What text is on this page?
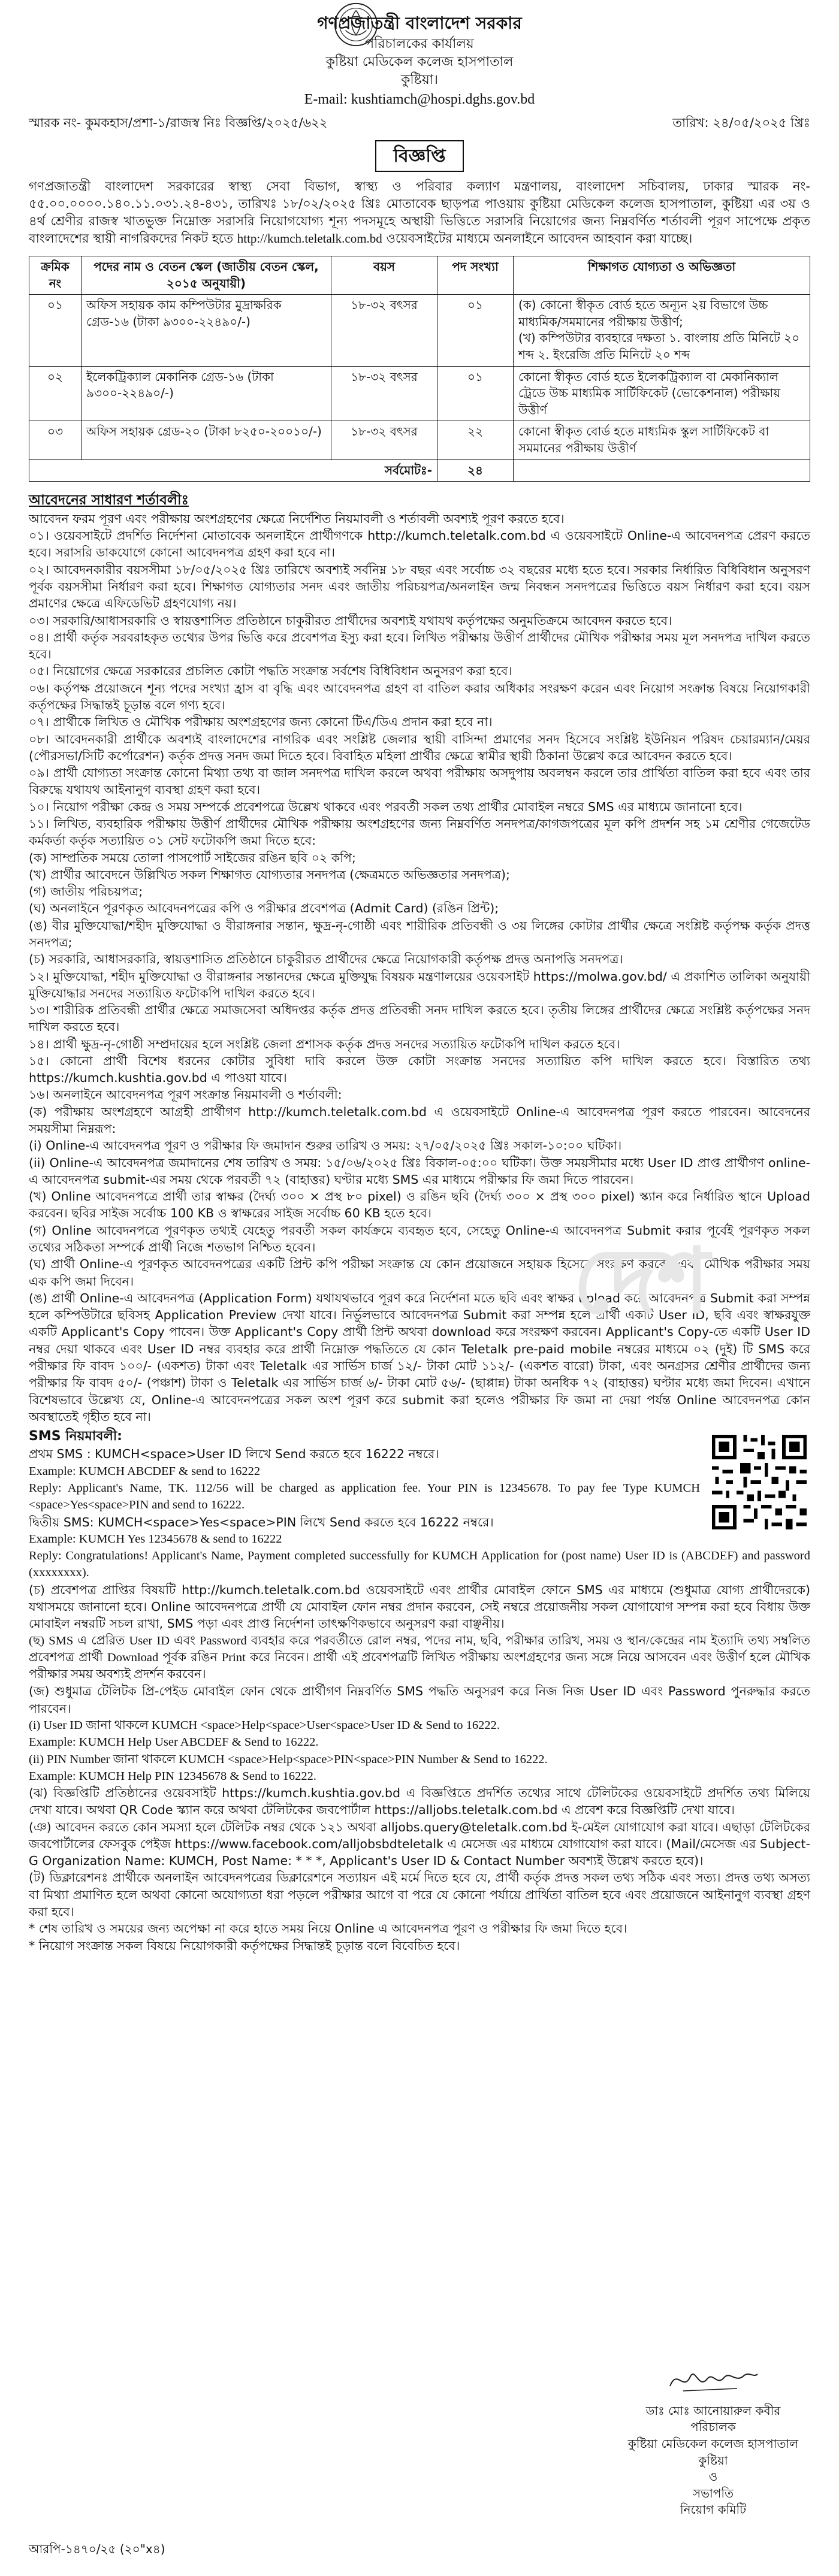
গণপ্রজাতন্ত্রী বাংলাদেশ সরকার
পরিচালকের কার্যালয়
কুষ্টিয়া মেডিকেল কলেজ হাসপাতাল
কুষ্টিয়া।
E-mail: kushtiamch@hospi.dghs.gov.bd
স্মারক নং- কুমকহাস/প্রশা-১/রাজস্ব নিঃ বিজ্ঞপ্তি/২০২৫/৬২২	তারিখ: ২৪/০৫/২০২৫ খ্রিঃ
বিজ্ঞপ্তি

গণপ্রজাতন্ত্রী বাংলাদেশ সরকারের স্বাস্থ্য সেবা বিভাগ, স্বাস্থ্য ও পরিবার কল্যাণ মন্ত্রণালয়, বাংলাদেশ সচিবালয়, ঢাকার স্মারক নং- ৫৫.০০.০০০০.১৪০.১১.০৩১.২৪-৪৩১, তারিখঃ ১৮/০২/২০২৫ খ্রিঃ মোতাবেক ছাড়পত্র পাওয়ায় কুষ্টিয়া মেডিকেল কলেজ হাসপাতাল, কুষ্টিয়া এর ৩য় ও ৪র্থ শ্রেণীর রাজস্ব খাতভুক্ত নিম্নোক্ত সরাসরি নিয়োগযোগ্য শূন্য পদসমূহে অস্থায়ী ভিত্তিতে সরাসরি নিয়োগের জন্য নিম্নবর্ণিত শর্তাবলী পূরণ সাপেক্ষে প্রকৃত বাংলাদেশের স্থায়ী নাগরিকদের নিকট হতে http://kumch.teletalk.com.bd ওয়েবসাইটের মাধ্যমে অনলাইনে আবেদন আহবান করা যাচ্ছে।

ক্রমিক নং	পদের নাম ও বেতন স্কেল (জাতীয় বেতন স্কেল, ২০১৫ অনুযায়ী)	বয়স	পদ সংখ্যা	শিক্ষাগত যোগ্যতা ও অভিজ্ঞতা
০১	অফিস সহায়ক কাম কম্পিউটার মুদ্রাক্ষরিক গ্রেড-১৬ (টাকা ৯৩০০-২২৪৯০/-)	১৮-৩২ বৎসর	০১	(ক) কোনো স্বীকৃত বোর্ড হতে অন্যূন ২য় বিভাগে উচ্চ মাধ্যমিক/সমমানের পরীক্ষায় উত্তীর্ণ;
(খ) কম্পিউটার ব্যবহারে দক্ষতা ১. বাংলায় প্রতি মিনিটে ২০ শব্দ ২. ইংরেজি প্রতি মিনিটে ২০ শব্দ
০২	ইলেকট্রিক্যাল মেকানিক গ্রেড-১৬ (টাকা ৯৩০০-২২৪৯০/-)	১৮-৩২ বৎসর	০১	কোনো স্বীকৃত বোর্ড হতে ইলেকট্রিক্যাল বা মেকানিক্যাল ট্রেডে উচ্চ মাধ্যমিক সার্টিফিকেট (ভোকেশনাল) পরীক্ষায় উত্তীর্ণ
০৩	অফিস সহায়ক গ্রেড-২০ (টাকা ৮২৫০-২০০১০/-)	১৮-৩২ বৎসর	২২	কোনো স্বীকৃত বোর্ড হতে মাধ্যমিক স্কুল সার্টিফিকেট বা সমমানের পরীক্ষায় উত্তীর্ণ
সর্বমোটঃ-			২৪	
আবেদনের সাধারণ শর্তাবলীঃ

আবেদন ফরম পূরণ এবং পরীক্ষায় অংশগ্রহণের ক্ষেত্রে নির্দেশিত নিয়মাবলী ও শর্তাবলী অবশ্যই পূরণ করতে হবে।

০১। ওয়েবসাইটে প্রদর্শিত নির্দেশনা মোতাবেক অনলাইনে প্রার্থীগণকে http://kumch.teletalk.com.bd এ ওয়েবসাইটে Online-এ আবেদনপত্র প্রেরণ করতে হবে। সরাসরি ডাকযোগে কোনো আবেদনপত্র গ্রহণ করা হবে না।

০২। আবেদনকারীর বয়সসীমা ১৮/০৫/২০২৫ খ্রিঃ তারিখে অবশ্যই সর্বনিম্ন ১৮ বছর এবং সর্বোচ্চ ৩২ বছরের মধ্যে হতে হবে। সরকার নির্ধারিত বিধিবিধান অনুসরণ পূর্বক বয়সসীমা নির্ধারণ করা হবে। শিক্ষাগত যোগ্যতার সনদ এবং জাতীয় পরিচয়পত্র/অনলাইন জন্ম নিবন্ধন সনদপত্রের ভিত্তিতে বয়স নির্ধারণ করা হবে। বয়স প্রমাণের ক্ষেত্রে এফিডেভিট গ্রহণযোগ্য নয়।

০৩। সরকারি/আধাসরকারি ও স্বায়ত্তশাসিত প্রতিষ্ঠানে চাকুরীরত প্রার্থীদের অবশ্যই যথাযথ কর্তৃপক্ষের অনুমতিক্রমে আবেদন করতে হবে।

০৪। প্রার্থী কর্তৃক সরবরাহকৃত তথ্যের উপর ভিত্তি করে প্রবেশপত্র ইস্যু করা হবে। লিখিত পরীক্ষায় উত্তীর্ণ প্রার্থীদের মৌখিক পরীক্ষার সময় মূল সনদপত্র দাখিল করতে হবে।

০৫। নিয়োগের ক্ষেত্রে সরকারের প্রচলিত কোটা পদ্ধতি সংক্রান্ত সর্বশেষ বিধিবিধান অনুসরণ করা হবে।

০৬। কর্তৃপক্ষ প্রয়োজনে শূন্য পদের সংখ্যা হ্রাস বা বৃদ্ধি এবং আবেদনপত্র গ্রহণ বা বাতিল করার অধিকার সংরক্ষণ করেন এবং নিয়োগ সংক্রান্ত বিষয়ে নিয়োগকারী কর্তৃপক্ষের সিদ্ধান্তই চূড়ান্ত বলে গণ্য হবে।

০৭। প্রার্থীকে লিখিত ও মৌখিক পরীক্ষায় অংশগ্রহণের জন্য কোনো টিএ/ডিএ প্রদান করা হবে না।

০৮। আবেদনকারী প্রার্থীকে অবশ্যই বাংলাদেশের নাগরিক এবং সংশ্লিষ্ট জেলার স্থায়ী বাসিন্দা প্রমাণের সনদ হিসেবে সংশ্লিষ্ট ইউনিয়ন পরিষদ চেয়ারম্যান/মেয়র (পৌরসভা/সিটি কর্পোরেশন) কর্তৃক প্রদত্ত সনদ জমা দিতে হবে। বিবাহিত মহিলা প্রার্থীর ক্ষেত্রে স্বামীর স্থায়ী ঠিকানা উল্লেখ করে আবেদন করতে হবে।

০৯। প্রার্থী যোগ্যতা সংক্রান্ত কোনো মিথ্যা তথ্য বা জাল সনদপত্র দাখিল করলে অথবা পরীক্ষায় অসদুপায় অবলম্বন করলে তার প্রার্থিতা বাতিল করা হবে এবং তার বিরুদ্ধে যথাযথ আইনানুগ ব্যবস্থা গ্রহণ করা হবে।

১০। নিয়োগ পরীক্ষা কেন্দ্র ও সময় সম্পর্কে প্রবেশপত্রে উল্লেখ থাকবে এবং পরবর্তী সকল তথ্য প্রার্থীর মোবাইল নম্বরে SMS এর মাধ্যমে জানানো হবে।

১১। লিখিত, ব্যবহারিক পরীক্ষায় উত্তীর্ণ প্রার্থীদের মৌখিক পরীক্ষায় অংশগ্রহণের জন্য নিম্নবর্ণিত সনদপত্র/কাগজপত্রের মূল কপি প্রদর্শন সহ ১ম শ্রেণীর গেজেটেড কর্মকর্তা কর্তৃক সত্যায়িত ০১ সেট ফটোকপি জমা দিতে হবে:

(ক) সাম্প্রতিক সময়ে তোলা পাসপোর্ট সাইজের রঙিন ছবি ০২ কপি;

(খ) প্রার্থীর আবেদনে উল্লিখিত সকল শিক্ষাগত যোগ্যতার সনদপত্র (ক্ষেত্রমতে অভিজ্ঞতার সনদপত্র);

(গ) জাতীয় পরিচয়পত্র;

(ঘ) অনলাইনে পূরণকৃত আবেদনপত্রের কপি ও পরীক্ষার প্রবেশপত্র (Admit Card) (রঙিন প্রিন্ট);

(ঙ) বীর মুক্তিযোদ্ধা/শহীদ মুক্তিযোদ্ধা ও বীরাঙ্গনার সন্তান, ক্ষুদ্র-নৃ-গোষ্ঠী এবং শারীরিক প্রতিবন্ধী ও ৩য় লিঙ্গের কোটার প্রার্থীর ক্ষেত্রে সংশ্লিষ্ট কর্তৃপক্ষ কর্তৃক প্রদত্ত সনদপত্র;

(চ) সরকারি, আধাসরকারি, স্বায়ত্তশাসিত প্রতিষ্ঠানে চাকুরীরত প্রার্থীদের ক্ষেত্রে নিয়োগকারী কর্তৃপক্ষ প্রদত্ত অনাপত্তি সনদপত্র।

১২। মুক্তিযোদ্ধা, শহীদ মুক্তিযোদ্ধা ও বীরাঙ্গনার সন্তানদের ক্ষেত্রে মুক্তিযুদ্ধ বিষয়ক মন্ত্রণালয়ের ওয়েবসাইট https://molwa.gov.bd/ এ প্রকাশিত তালিকা অনুযায়ী মুক্তিযোদ্ধার সনদের সত্যায়িত ফটোকপি দাখিল করতে হবে।

১৩। শারীরিক প্রতিবন্ধী প্রার্থীর ক্ষেত্রে সমাজসেবা অধিদপ্তর কর্তৃক প্রদত্ত প্রতিবন্ধী সনদ দাখিল করতে হবে। তৃতীয় লিঙ্গের প্রার্থীদের ক্ষেত্রে সংশ্লিষ্ট কর্তৃপক্ষের সনদ দাখিল করতে হবে।

১৪। প্রার্থী ক্ষুদ্র-নৃ-গোষ্ঠী সম্প্রদায়ের হলে সংশ্লিষ্ট জেলা প্রশাসক কর্তৃক প্রদত্ত সনদের সত্যায়িত ফটোকপি দাখিল করতে হবে।

১৫। কোনো প্রার্থী বিশেষ ধরনের কোটার সুবিধা দাবি করলে উক্ত কোটা সংক্রান্ত সনদের সত্যায়িত কপি দাখিল করতে হবে। বিস্তারিত তথ্য https://kumch.kushtia.gov.bd এ পাওয়া যাবে।

১৬। অনলাইনে আবেদনপত্র পূরণ সংক্রান্ত নিয়মাবলী ও শর্তাবলী:

(ক) পরীক্ষায় অংশগ্রহণে আগ্রহী প্রার্থীগণ http://kumch.teletalk.com.bd এ ওয়েবসাইটে Online-এ আবেদনপত্র পূরণ করতে পারবেন। আবেদনের সময়সীমা নিম্নরূপ:

(i) Online-এ আবেদনপত্র পূরণ ও পরীক্ষার ফি জমাদান শুরুর তারিখ ও সময়: ২৭/০৫/২০২৫ খ্রিঃ সকাল-১০:০০ ঘটিকা।

(ii) Online-এ আবেদনপত্র জমাদানের শেষ তারিখ ও সময়: ১৫/০৬/২০২৫ খ্রিঃ বিকাল-০৫:০০ ঘটিকা। উক্ত সময়সীমার মধ্যে User ID প্রাপ্ত প্রার্থীগণ online-এ আবেদনপত্র submit-এর সময় থেকে পরবর্তী ৭২ (বাহাত্তর) ঘণ্টার মধ্যে SMS এর মাধ্যমে পরীক্ষার ফি জমা দিতে পারবেন।

(খ) Online আবেদনপত্রে প্রার্থী তার স্বাক্ষর (দৈর্ঘ্য ৩০০ × প্রস্থ ৮০ pixel) ও রঙিন ছবি (দৈর্ঘ্য ৩০০ × প্রস্থ ৩০০ pixel) স্ক্যান করে নির্ধারিত স্থানে Upload করবেন। ছবির সাইজ সর্বোচ্চ 100 KB ও স্বাক্ষরের সাইজ সর্বোচ্চ 60 KB হতে হবে।

(গ) Online আবেদনপত্রে পূরণকৃত তথ্যই যেহেতু পরবর্তী সকল কার্যক্রমে ব্যবহৃত হবে, সেহেতু Online-এ আবেদনপত্র Submit করার পূর্বেই পূরণকৃত সকল তথ্যের সঠিকতা সম্পর্কে প্রার্থী নিজে শতভাগ নিশ্চিত হবেন।

(ঘ) প্রার্থী Online-এ পূরণকৃত আবেদনপত্রের একটি প্রিন্ট কপি পরীক্ষা সংক্রান্ত যে কোন প্রয়োজনে সহায়ক হিসেবে সংরক্ষণ করবেন এবং মৌখিক পরীক্ষার সময় এক কপি জমা দিবেন।

(ঙ) প্রার্থী Online-এ আবেদনপত্র (Application Form) যথাযথভাবে পূরণ করে নির্দেশনা মতে ছবি এবং স্বাক্ষর upload করে আবেদনপত্র Submit করা সম্পন্ন হলে কম্পিউটারে ছবিসহ Application Preview দেখা যাবে। নির্ভুলভাবে আবেদনপত্র Submit করা সম্পন্ন হলে প্রার্থী একটি User ID, ছবি এবং স্বাক্ষরযুক্ত একটি Applicant's Copy পাবেন। উক্ত Applicant's Copy প্রার্থী প্রিন্ট অথবা download করে সংরক্ষণ করবেন। Applicant's Copy-তে একটি User ID নম্বর দেয়া থাকবে এবং User ID নম্বর ব্যবহার করে প্রার্থী নিম্নোক্ত পদ্ধতিতে যে কোন Teletalk pre-paid mobile নম্বরের মাধ্যমে ০২ (দুই) টি SMS করে পরীক্ষার ফি বাবদ ১০০/- (একশত) টাকা এবং Teletalk এর সার্ভিস চার্জ ১২/- টাকা মোট ১১২/- (একশত বারো) টাকা, এবং অনগ্রসর শ্রেণীর প্রার্থীদের জন্য পরীক্ষার ফি বাবদ ৫০/- (পঞ্চাশ) টাকা ও Teletalk এর সার্ভিস চার্জ ৬/- টাকা মোট ৫৬/- (ছাপ্পান্ন) টাকা অনধিক ৭২ (বাহাত্তর) ঘণ্টার মধ্যে জমা দিবেন। এখানে বিশেষভাবে উল্লেখ্য যে, Online-এ আবেদনপত্রের সকল অংশ পূরণ করে submit করা হলেও পরীক্ষার ফি জমা না দেয়া পর্যন্ত Online আবেদনপত্র কোন অবস্থাতেই গৃহীত হবে না।

SMS নিয়মাবলী:

প্রথম SMS : KUMCH<space>User ID লিখে Send করতে হবে 16222 নম্বরে।

Example: KUMCH ABCDEF & send to 16222

Reply: Applicant's Name, TK. 112/56 will be charged as application fee. Your PIN is 12345678. To pay fee Type KUMCH <space>Yes<space>PIN and send to 16222.

দ্বিতীয় SMS: KUMCH<space>Yes<space>PIN লিখে Send করতে হবে 16222 নম্বরে।

Example: KUMCH Yes 12345678 & send to 16222

Reply: Congratulations! Applicant's Name, Payment completed successfully for KUMCH Application for (post name) User ID is (ABCDEF) and password (xxxxxxxx).

(চ) প্রবেশপত্র প্রাপ্তির বিষয়টি http://kumch.teletalk.com.bd ওয়েবসাইটে এবং প্রার্থীর মোবাইল ফোনে SMS এর মাধ্যমে (শুধুমাত্র যোগ্য প্রার্থীদেরকে) যথাসময়ে জানানো হবে। Online আবেদনপত্রে প্রার্থী যে মোবাইল ফোন নম্বর প্রদান করবেন, সেই নম্বরে প্রয়োজনীয় সকল যোগাযোগ সম্পন্ন করা হবে বিধায় উক্ত মোবাইল নম্বরটি সচল রাখা, SMS পড়া এবং প্রাপ্ত নির্দেশনা তাৎক্ষণিকভাবে অনুসরণ করা বাঞ্ছনীয়।

(ছ) SMS এ প্রেরিত User ID এবং Password ব্যবহার করে পরবর্তীতে রোল নম্বর, পদের নাম, ছবি, পরীক্ষার তারিখ, সময় ও স্থান/কেন্দ্রের নাম ইত্যাদি তথ্য সম্বলিত প্রবেশপত্র প্রার্থী Download পূর্বক রঙিন Print করে নিবেন। প্রার্থী এই প্রবেশপত্রটি লিখিত পরীক্ষায় অংশগ্রহণের জন্য সঙ্গে নিয়ে আসবেন এবং উত্তীর্ণ হলে মৌখিক পরীক্ষার সময় অবশ্যই প্রদর্শন করবেন।

(জ) শুধুমাত্র টেলিটক প্রি-পেইড মোবাইল ফোন থেকে প্রার্থীগণ নিম্নবর্ণিত SMS পদ্ধতি অনুসরণ করে নিজ নিজ User ID এবং Password পুনরুদ্ধার করতে পারবেন।

(i) User ID জানা থাকলে KUMCH <space>Help<space>User<space>User ID & Send to 16222.

Example: KUMCH Help User ABCDEF & Send to 16222.

(ii) PIN Number জানা থাকলে KUMCH <space>Help<space>PIN<space>PIN Number & Send to 16222.

Example: KUMCH Help PIN 12345678 & Send to 16222.

(ঝ) বিজ্ঞপ্তিটি প্রতিষ্ঠানের ওয়েবসাইট https://kumch.kushtia.gov.bd এ বিজ্ঞপ্তিতে প্রদর্শিত তথ্যের সাথে টেলিটকের ওয়েবসাইটে প্রদর্শিত তথ্য মিলিয়ে দেখা যাবে। অথবা QR Code স্ক্যান করে অথবা টেলিটকের জবপোর্টাল https://alljobs.teletalk.com.bd এ প্রবেশ করে বিজ্ঞপ্তিটি দেখা যাবে।

(ঞ) আবেদন করতে কোন সমস্যা হলে টেলিটক নম্বর থেকে ১২১ অথবা alljobs.query@teletalk.com.bd ই-মেইল যোগাযোগ করা যাবে। এছাড়া টেলিটকের জবপোর্টালের ফেসবুক পেইজ https://www.facebook.com/alljobsbdteletalk এ মেসেজ এর মাধ্যমে যোগাযোগ করা যাবে। (Mail/মেসেজ এর Subject-G Organization Name: KUMCH, Post Name: * * *, Applicant's User ID & Contact Number অবশ্যই উল্লেখ করতে হবে)।

(ট) ডিক্লারেশনঃ প্রার্থীকে অনলাইন আবেদনপত্রের ডিক্লারেশনে সত্যায়ন এই মর্মে দিতে হবে যে, প্রার্থী কর্তৃক প্রদত্ত সকল তথ্য সঠিক এবং সত্য। প্রদত্ত তথ্য অসত্য বা মিথ্যা প্রমাণিত হলে অথবা কোনো অযোগ্যতা ধরা পড়লে পরীক্ষার আগে বা পরে যে কোনো পর্যায়ে প্রার্থিতা বাতিল হবে এবং প্রয়োজনে আইনানুগ ব্যবস্থা গ্রহণ করা হবে।

* শেষ তারিখ ও সময়ের জন্য অপেক্ষা না করে হাতে সময় নিয়ে Online এ আবেদনপত্র পূরণ ও পরীক্ষার ফি জমা দিতে হবে।

* নিয়োগ সংক্রান্ত সকল বিষয়ে নিয়োগকারী কর্তৃপক্ষের সিদ্ধান্তই চূড়ান্ত বলে বিবেচিত হবে।

দেশ
ডাঃ মোঃ আনোয়ারুল কবীর
পরিচালক
কুষ্টিয়া মেডিকেল কলেজ হাসপাতাল
কুষ্টিয়া
ও
সভাপতি
নিয়োগ কমিটি
আরপি-১৪৭০/২৫ (২০"x৪)
